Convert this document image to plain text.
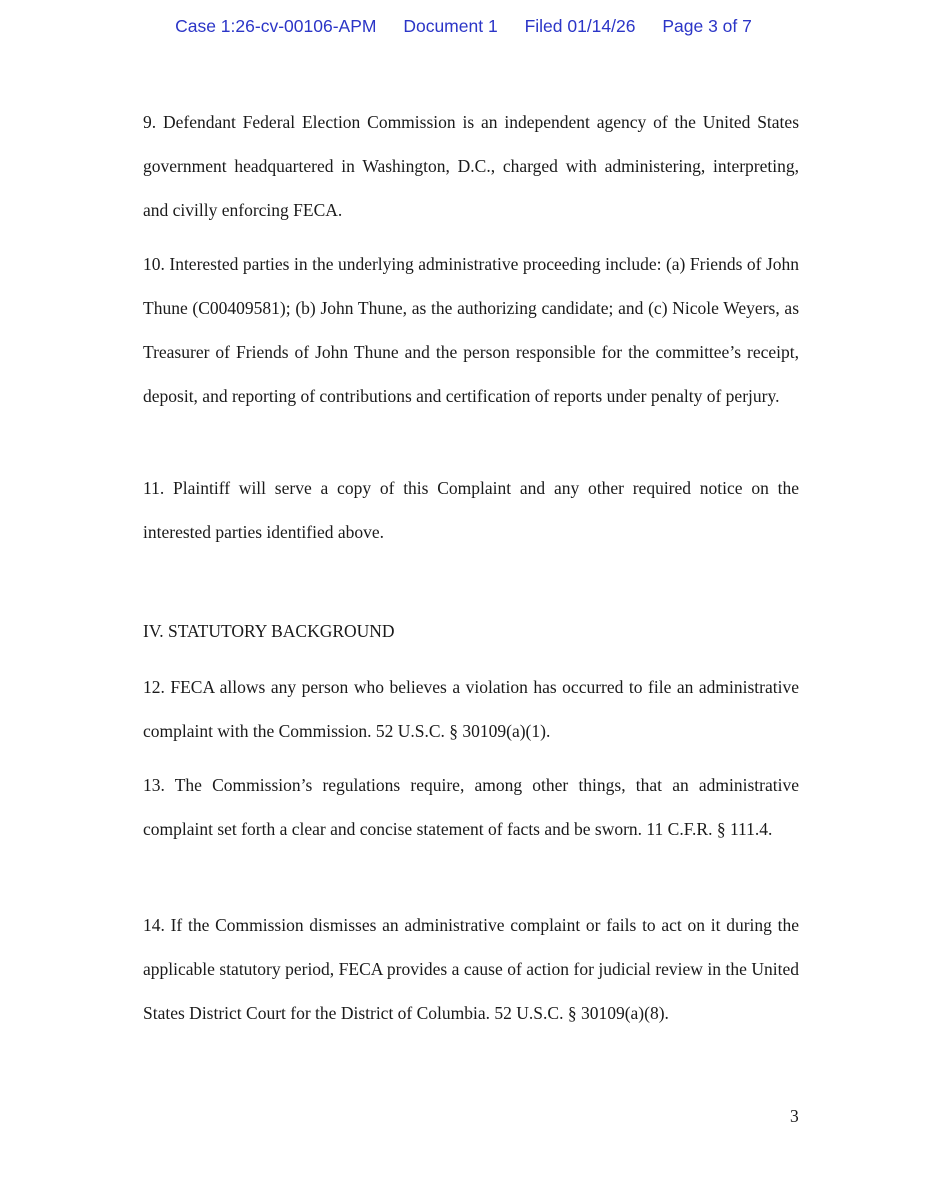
Case 1:26-cv-00106-APM Document 1 Filed 01/14/26 Page 3 of 7

9. Defendant Federal Election Commission is an independent agency of the United States government headquartered in Washington, D.C., charged with administering, interpreting, and civilly enforcing FECA.

10. Interested parties in the underlying administrative proceeding include: (a) Friends of John Thune (C00409581); (b) John Thune, as the authorizing candidate; and (c) Nicole Weyers, as Treasurer of Friends of John Thune and the person responsible for the committee’s receipt, deposit, and reporting of contributions and certification of reports under penalty of perjury.

11. Plaintiff will serve a copy of this Complaint and any other required notice on the interested parties identified above.

IV. STATUTORY BACKGROUND

12. FECA allows any person who believes a violation has occurred to file an administrative complaint with the Commission. 52 U.S.C. § 30109(a)(1).

13. The Commission’s regulations require, among other things, that an administrative complaint set forth a clear and concise statement of facts and be sworn. 11 C.F.R. § 111.4.

14. If the Commission dismisses an administrative complaint or fails to act on it during the applicable statutory period, FECA provides a cause of action for judicial review in the United States District Court for the District of Columbia. 52 U.S.C. § 30109(a)(8).

3
